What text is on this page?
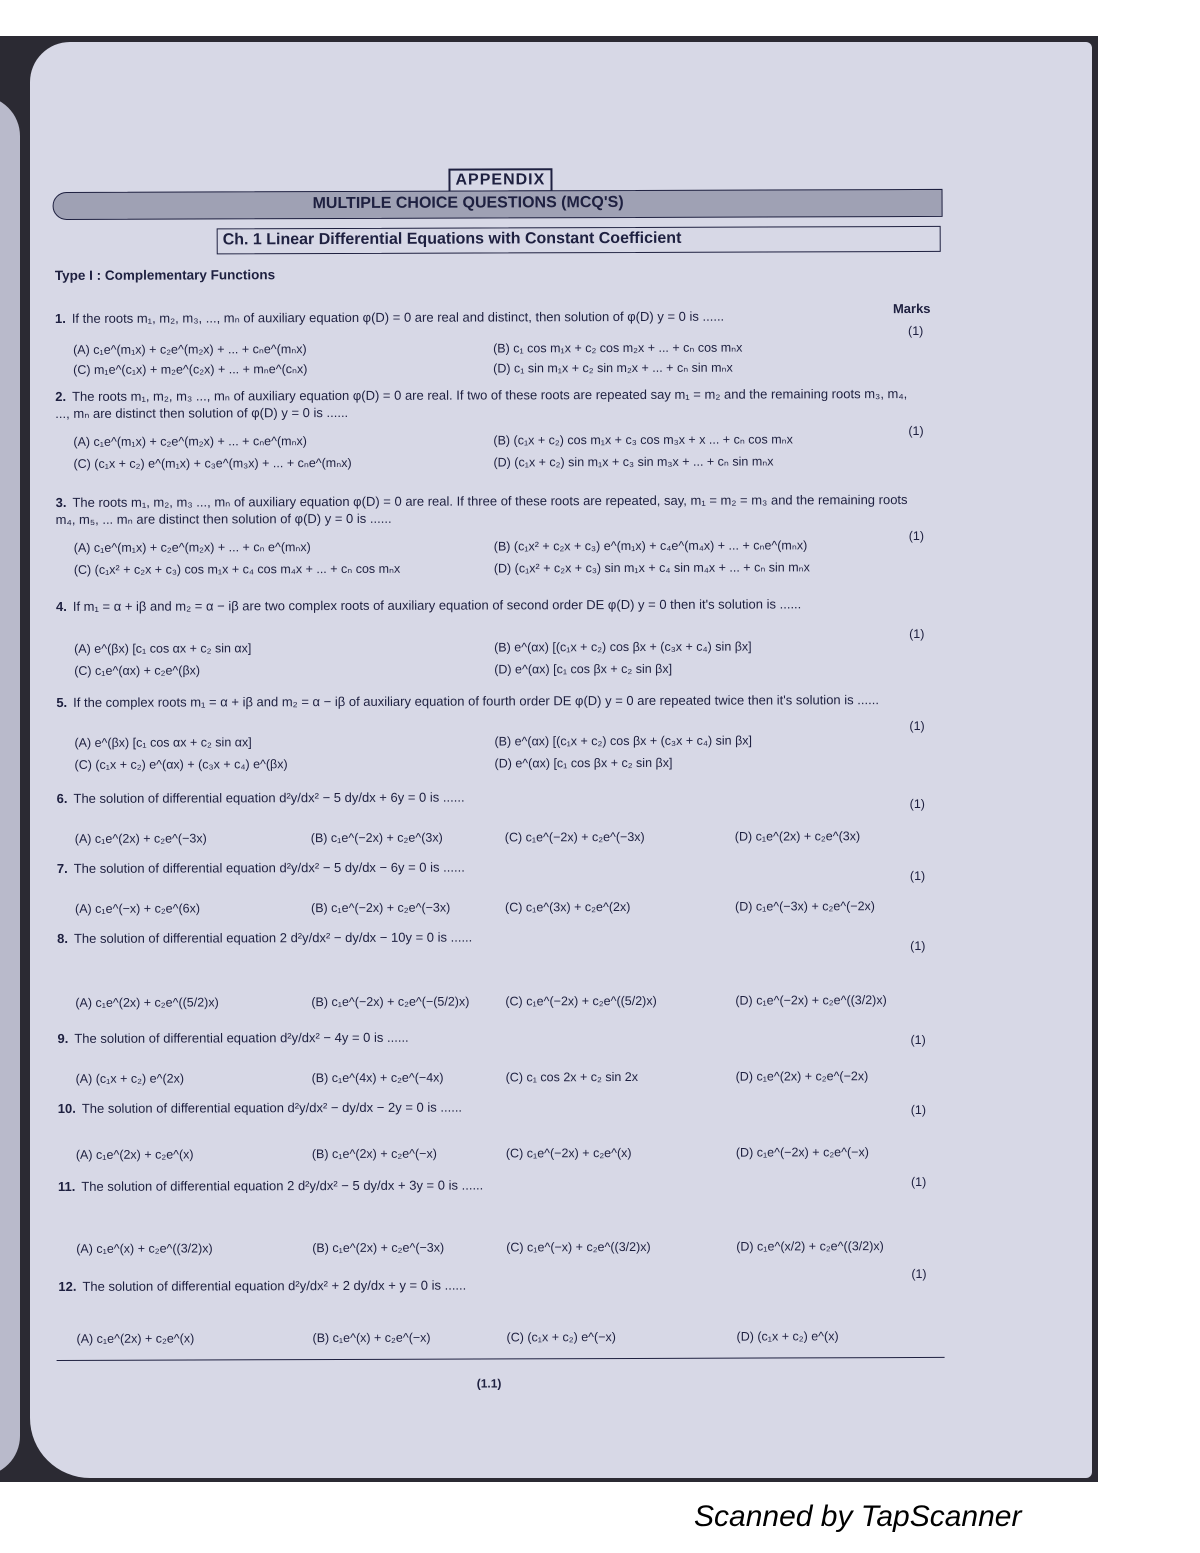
APPENDIX
MULTIPLE CHOICE QUESTIONS (MCQ'S)
Ch. 1 Linear Differential Equations with Constant Coefficient
Type I : Complementary Functions
Marks
1. If the roots m₁, m₂, m₃, ..., mₙ of auxiliary equation φ(D) = 0 are real and distinct, then solution of φ(D) y = 0 is ......
(1)
(A) c₁e^(m₁x) + c₂e^(m₂x) + ... + cₙe^(mₙx)	(B) c₁ cos m₁x + c₂ cos m₂x + ... + cₙ cos mₙx
(C) m₁e^(c₁x) + m₂e^(c₂x) + ... + mₙe^(cₙx)	(D) c₁ sin m₁x + c₂ sin m₂x + ... + cₙ sin mₙx
2. The roots m₁, m₂, m₃ ..., mₙ of auxiliary equation φ(D) = 0 are real. If two of these roots are repeated say m₁ = m₂ and the remaining roots m₃, m₄, ..., mₙ are distinct then solution of φ(D) y = 0 is ......
(1)
(A) c₁e^(m₁x) + c₂e^(m₂x) + ... + cₙe^(mₙx)	(B) (c₁x + c₂) cos m₁x + c₃ cos m₃x + x ... + cₙ cos mₙx
(C) (c₁x + c₂) e^(m₁x) + c₃e^(m₃x) + ... + cₙe^(mₙx)	(D) (c₁x + c₂) sin m₁x + c₃ sin m₃x + ... + cₙ sin mₙx
3. The roots m₁, m₂, m₃ ..., mₙ of auxiliary equation φ(D) = 0 are real. If three of these roots are repeated, say, m₁ = m₂ = m₃ and the remaining roots m₄, m₅, ... mₙ are distinct then solution of φ(D) y = 0 is ......
(1)
(A) c₁e^(m₁x) + c₂e^(m₂x) + ... + cₙ e^(mₙx)	(B) (c₁x² + c₂x + c₃) e^(m₁x) + c₄e^(m₄x) + ... + cₙe^(mₙx)
(C) (c₁x² + c₂x + c₃) cos m₁x + c₄ cos m₄x + ... + cₙ cos mₙx	(D) (c₁x² + c₂x + c₃) sin m₁x + c₄ sin m₄x + ... + cₙ sin mₙx
4. If m₁ = α + iβ and m₂ = α − iβ are two complex roots of auxiliary equation of second order DE φ(D) y = 0 then it's solution is ......
(1)
(A) e^(βx) [c₁ cos αx + c₂ sin αx]	(B) e^(αx) [(c₁x + c₂) cos βx + (c₃x + c₄) sin βx]
(C) c₁e^(αx) + c₂e^(βx)	(D) e^(αx) [c₁ cos βx + c₂ sin βx]
5. If the complex roots m₁ = α + iβ and m₂ = α − iβ of auxiliary equation of fourth order DE φ(D) y = 0 are repeated twice then it's solution is ......
(1)
(A) e^(βx) [c₁ cos αx + c₂ sin αx]	(B) e^(αx) [(c₁x + c₂) cos βx + (c₃x + c₄) sin βx]
(C) (c₁x + c₂) e^(αx) + (c₃x + c₄) e^(βx)	(D) e^(αx) [c₁ cos βx + c₂ sin βx]
6. The solution of differential equation d²y/dx² − 5 dy/dx + 6y = 0 is ......	(1)
(A) c₁e^(2x) + c₂e^(−3x)	(B) c₁e^(−2x) + c₂e^(3x)	(C) c₁e^(−2x) + c₂e^(−3x)	(D) c₁e^(2x) + c₂e^(3x)
7. The solution of differential equation d²y/dx² − 5 dy/dx − 6y = 0 is ......
(1)
(A) c₁e^(−x) + c₂e^(6x)	(B) c₁e^(−2x) + c₂e^(−3x)	(C) c₁e^(3x) + c₂e^(2x)	(D) c₁e^(−3x) + c₂e^(−2x)
8. The solution of differential equation 2 d²y/dx² − dy/dx − 10y = 0 is ......
(1)
(A) c₁e^(2x) + c₂e^((5/2)x)	(B) c₁e^(−2x) + c₂e^(−(5/2)x)	(C) c₁e^(−2x) + c₂e^((5/2)x)	(D) c₁e^(−2x) + c₂e^((3/2)x)
9. The solution of differential equation d²y/dx² − 4y = 0 is ......	(1)
(A) (c₁x + c₂) e^(2x)	(B) c₁e^(4x) + c₂e^(−4x)	(C) c₁ cos 2x + c₂ sin 2x	(D) c₁e^(2x) + c₂e^(−2x)
10. The solution of differential equation d²y/dx² − dy/dx − 2y = 0 is ......	(1)
(A) c₁e^(2x) + c₂e^(x)	(B) c₁e^(2x) + c₂e^(−x)	(C) c₁e^(−2x) + c₂e^(x)	(D) c₁e^(−2x) + c₂e^(−x)
11. The solution of differential equation 2 d²y/dx² − 5 dy/dx + 3y = 0 is ......	(1)
(A) c₁e^(x) + c₂e^((3/2)x)	(B) c₁e^(2x) + c₂e^(−3x)	(C) c₁e^(−x) + c₂e^((3/2)x)	(D) c₁e^(x/2) + c₂e^((3/2)x)
12. The solution of differential equation d²y/dx² + 2 dy/dx + y = 0 is ......
(1)
(A) c₁e^(2x) + c₂e^(x)	(B) c₁e^(x) + c₂e^(−x)	(C) (c₁x + c₂) e^(−x)	(D) (c₁x + c₂) e^(x)
(1.1)
Scanned by TapScanner
